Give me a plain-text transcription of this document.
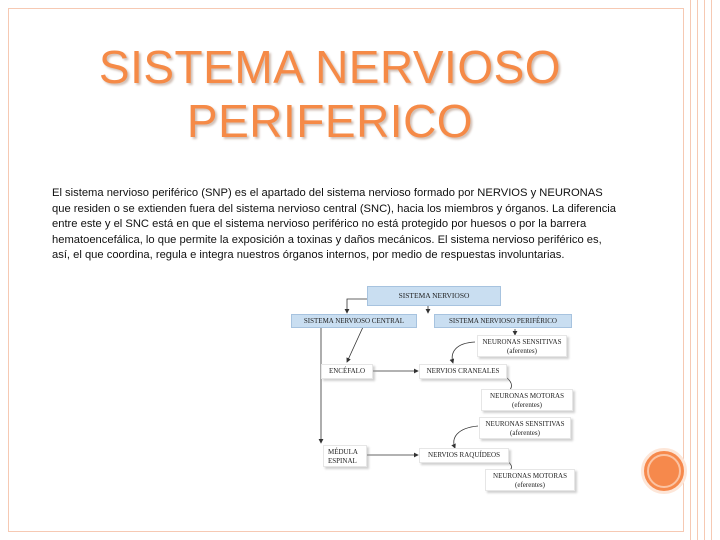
SISTEMA NERVIOSO
PERIFERICO

El sistema nervioso periférico (SNP) es el apartado del sistema nervioso formado por NERVIOS y NEURONAS que residen o se extienden fuera del sistema nervioso central (SNC), hacia los miembros y órganos. La diferencia entre este y el SNC está en que el sistema nervioso periférico no está protegido por huesos o por la barrera hematoencefálica, lo que permite la exposición a toxinas y daños mecánicos. El sistema nervioso periférico es, así, el que coordina, regula e integra nuestros órganos internos, por medio de respuestas involuntarias.

SISTEMA NERVIOSO
SISTEMA NERVIOSO CENTRAL	SISTEMA NERVIOSO PERIFÉRICO
NEURONAS SENSITIVAS
(aferentes)
ENCÉFALO	NERVIOS CRANEALES
NEURONAS MOTORAS
(eferentes)
NEURONAS SENSITIVAS
(aferentes)
MÉDULA
ESPINAL
NERVIOS RAQUÍDEOS
NEURONAS MOTORAS
(eferentes)
